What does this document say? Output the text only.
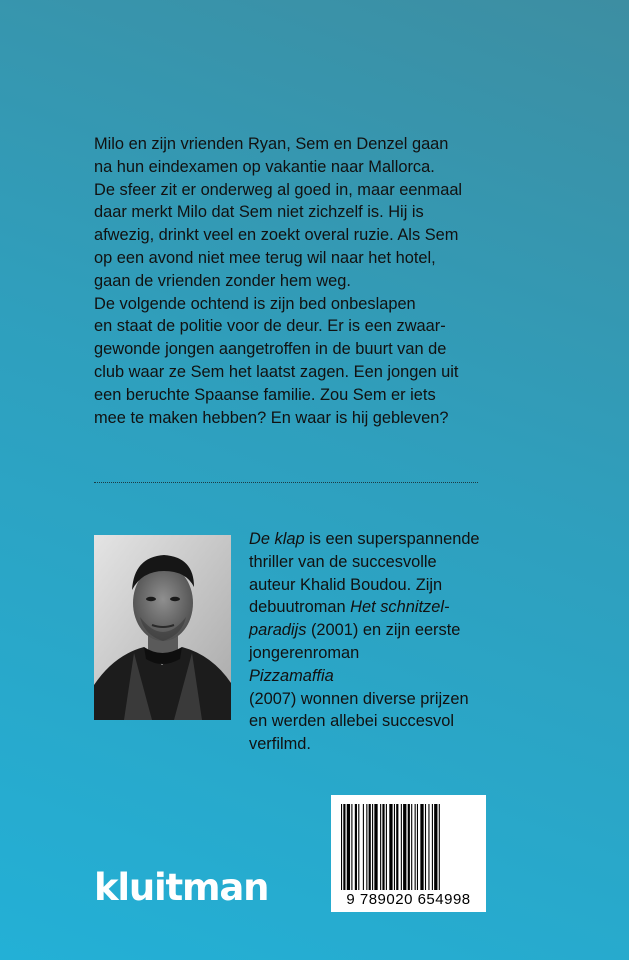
Milo en zijn vrienden Ryan, Sem en Denzel gaan
na hun eindexamen op vakantie naar Mallorca.
De sfeer zit er onderweg al goed in, maar eenmaal
daar merkt Milo dat Sem niet zichzelf is. Hij is
afwezig, drinkt veel en zoekt overal ruzie. Als Sem
op een avond niet mee terug wil naar het hotel,
gaan de vrienden zonder hem weg.
De volgende ochtend is zijn bed onbeslapen
en staat de politie voor de deur. Er is een zwaar-
gewonde jongen aangetroffen in de buurt van de
club waar ze Sem het laatst zagen. Een jongen uit
een beruchte Spaanse familie. Zou Sem er iets
mee te maken hebben? En waar is hij gebleven?
De klap is een superspannende
thriller van de succesvolle
auteur Khalid Boudou. Zijn
debuutroman Het schnitzel-
paradijs (2001) en zijn eerste
jongerenroman
Pizzamaffia
(2007) wonnen diverse prijzen
en werden allebei succesvol
verfilmd.
kluitman	9 789020 654998
